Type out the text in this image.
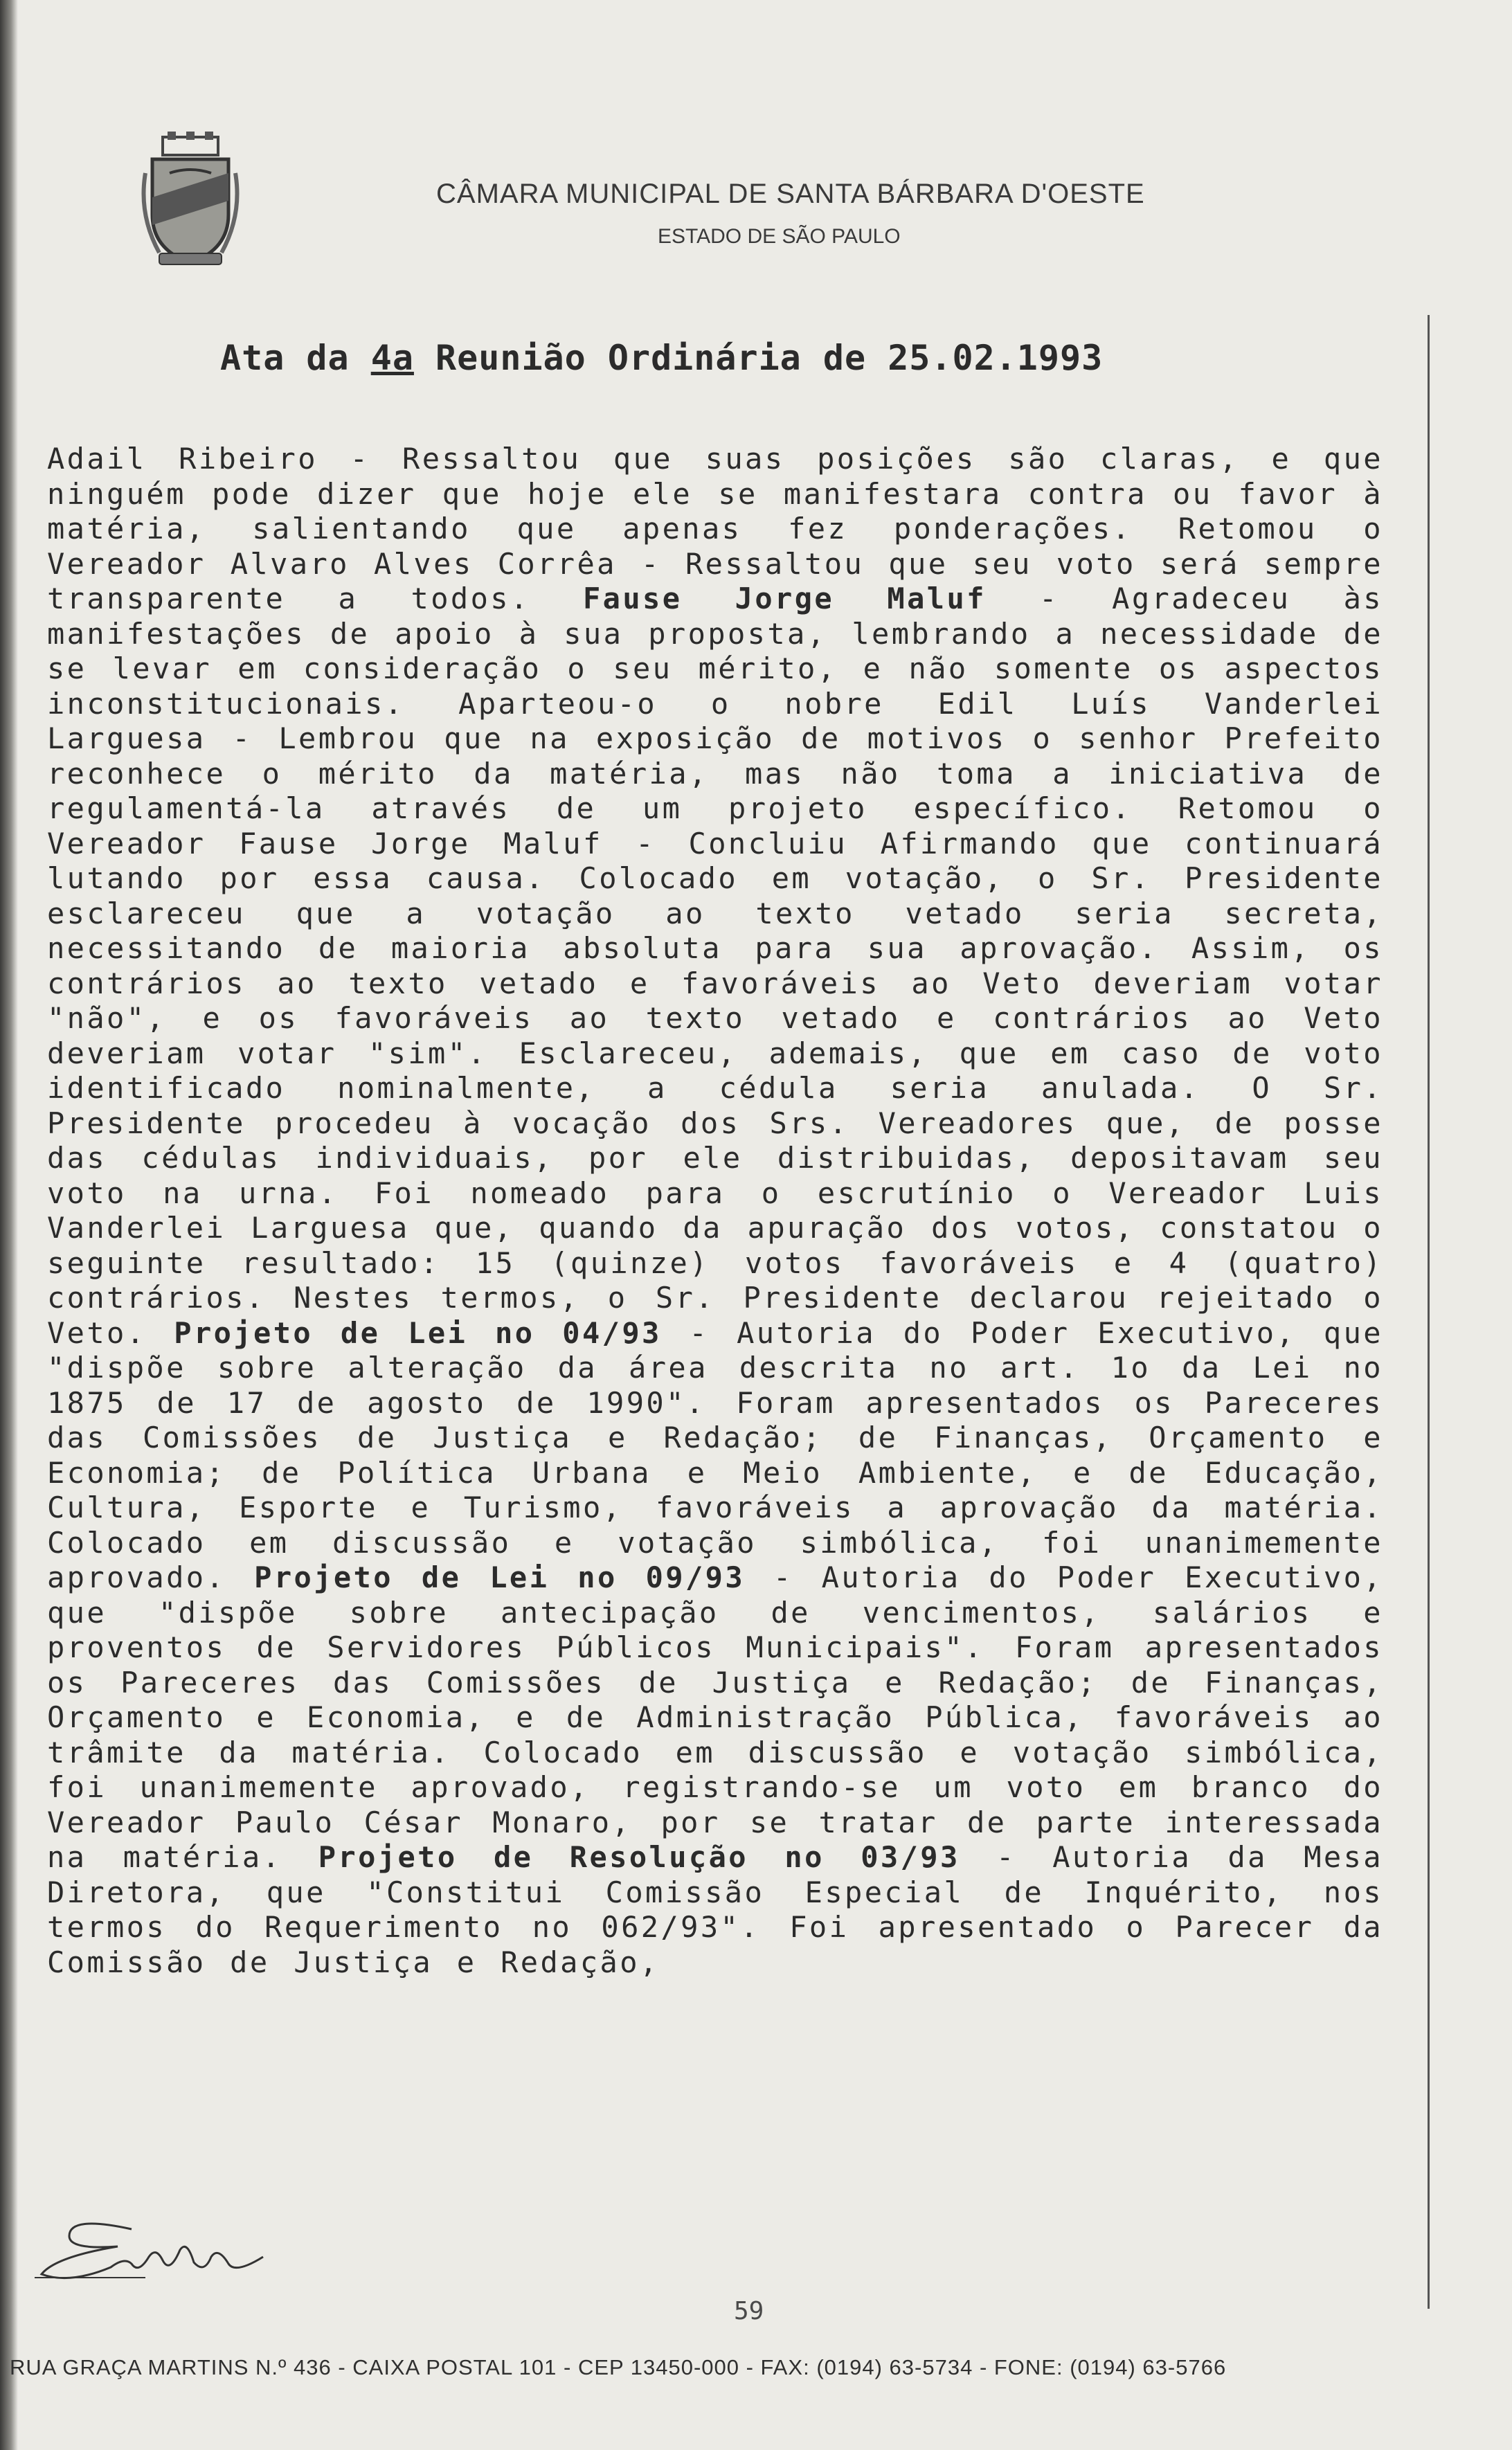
CÂMARA MUNICIPAL DE SANTA BÁRBARA D'OESTE
ESTADO DE SÃO PAULO
Ata da 4a Reunião Ordinária de 25.02.1993
Adail Ribeiro - Ressaltou que suas posições são claras, e que ninguém pode dizer que hoje ele se manifestara contra ou favor à matéria, salientando que apenas fez ponderações. Retomou o Vereador Alvaro Alves Corrêa - Ressaltou que seu voto será sempre transparente a todos. Fause Jorge Maluf - Agradeceu às manifestações de apoio à sua proposta, lembrando a necessidade de se levar em consideração o seu mérito, e não somente os aspectos inconstitucionais. Aparteou-o o nobre Edil Luís Vanderlei Larguesa - Lembrou que na exposição de motivos o senhor Prefeito reconhece o mérito da matéria, mas não toma a iniciativa de regulamentá-la através de um projeto específico. Retomou o Vereador Fause Jorge Maluf - Concluiu Afirmando que continuará lutando por essa causa. Colocado em votação, o Sr. Presidente esclareceu que a votação ao texto vetado seria secreta, necessitando de maioria absoluta para sua aprovação. Assim, os contrários ao texto vetado e favoráveis ao Veto deveriam votar "não", e os favoráveis ao texto vetado e contrários ao Veto deveriam votar "sim". Esclareceu, ademais, que em caso de voto identificado nominalmente, a cédula seria anulada. O Sr. Presidente procedeu à vocação dos Srs. Vereadores que, de posse das cédulas individuais, por ele distribuidas, depositavam seu voto na urna. Foi nomeado para o escrutínio o Vereador Luis Vanderlei Larguesa que, quando da apuração dos votos, constatou o seguinte resultado: 15 (quinze) votos favoráveis e 4 (quatro) contrários. Nestes termos, o Sr. Presidente declarou rejeitado o Veto. Projeto de Lei no 04/93 - Autoria do Poder Executivo, que "dispõe sobre alteração da área descrita no art. 1o da Lei no 1875 de 17 de agosto de 1990". Foram apresentados os Pareceres das Comissões de Justiça e Redação; de Finanças, Orçamento e Economia; de Política Urbana e Meio Ambiente, e de Educação, Cultura, Esporte e Turismo, favoráveis a aprovação da matéria. Colocado em discussão e votação simbólica, foi unanimemente aprovado. Projeto de Lei no 09/93 - Autoria do Poder Executivo, que "dispõe sobre antecipação de vencimentos, salários e proventos de Servidores Públicos Municipais". Foram apresentados os Pareceres das Comissões de Justiça e Redação; de Finanças, Orçamento e Economia, e de Administração Pública, favoráveis ao trâmite da matéria. Colocado em discussão e votação simbólica, foi unanimemente aprovado, registrando-se um voto em branco do Vereador Paulo César Monaro, por se tratar de parte interessada na matéria. Projeto de Resolução no 03/93 - Autoria da Mesa Diretora, que "Constitui Comissão Especial de Inquérito, nos termos do Requerimento no 062/93". Foi apresentado o Parecer da Comissão de Justiça e Redação,
59
RUA GRAÇA MARTINS N.º 436 - CAIXA POSTAL 101 - CEP 13450-000 - FAX: (0194) 63-5734 - FONE: (0194) 63-5766
